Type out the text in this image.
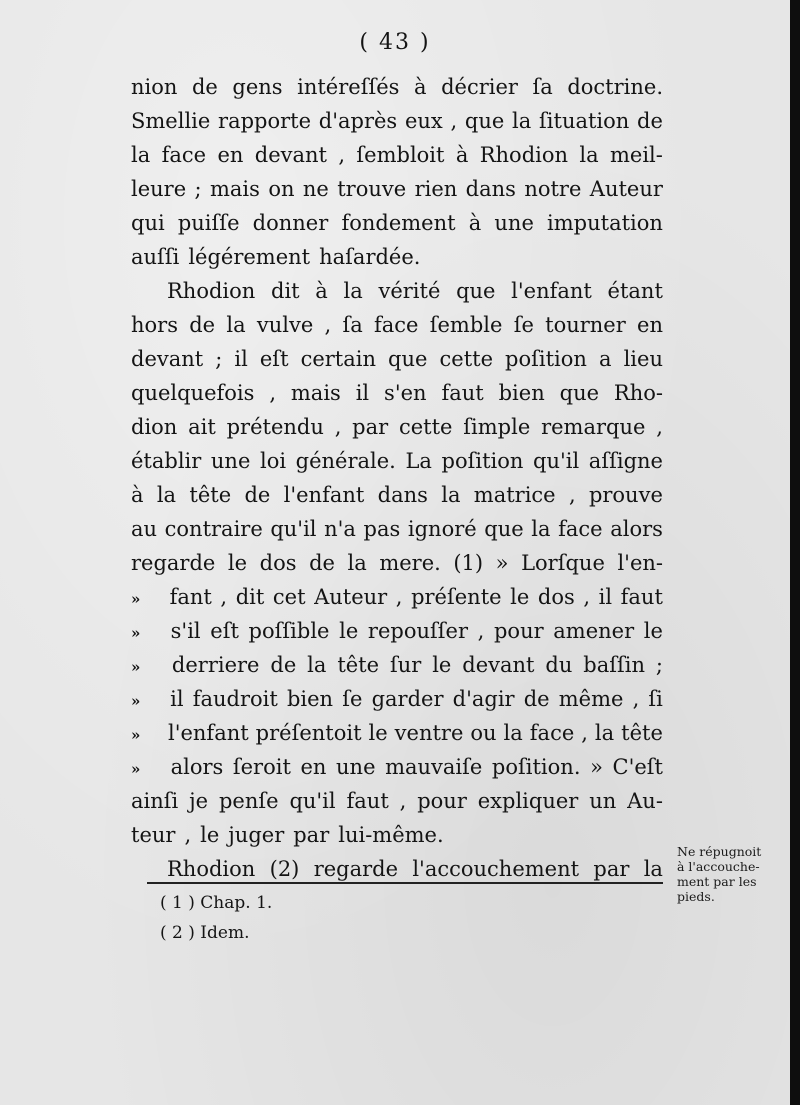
( 43 )
nion de gens intéreſſés à décrier ſa doctrine.
Smellie rapporte d'après eux , que la ſituation de
la face en devant , ſembloit à Rhodion la meil-
leure ; mais on ne trouve rien dans notre Auteur
qui puiſſe donner fondement à une imputation
auſſi légérement haſardée.
Rhodion dit à la vérité que l'enfant étant
hors de la vulve , ſa face ſemble ſe tourner en
devant ; il eſt certain que cette poſition a lieu
quelquefois , mais il s'en faut bien que Rho-
dion ait prétendu , par cette ſimple remarque ,
établir une loi générale. La poſition qu'il aſſigne
à la tête de l'enfant dans la matrice , prouve
au contraire qu'il n'a pas ignoré que la face alors
regarde le dos de la mere. (1) » Lorſque l'en-
»	fant , dit cet Auteur , préſente le dos , il faut
»	s'il eſt poſſible le repouſſer , pour amener le
»	derriere de la tête ſur le devant du baſſin ;
»	il faudroit bien ſe garder d'agir de même , ſi
»	l'enfant préſentoit le ventre ou la face , la tête
»	alors ſeroit en une mauvaiſe poſition. » C'eſt
ainſi je penſe qu'il faut , pour expliquer un Au-
teur , le juger par lui-même.
Rhodion (2) regarde l'accouchement par la
( 1 ) Chap. 1.
( 2 ) Idem.
Ne répugnoit
à l'accouche-
ment par les
pieds.
